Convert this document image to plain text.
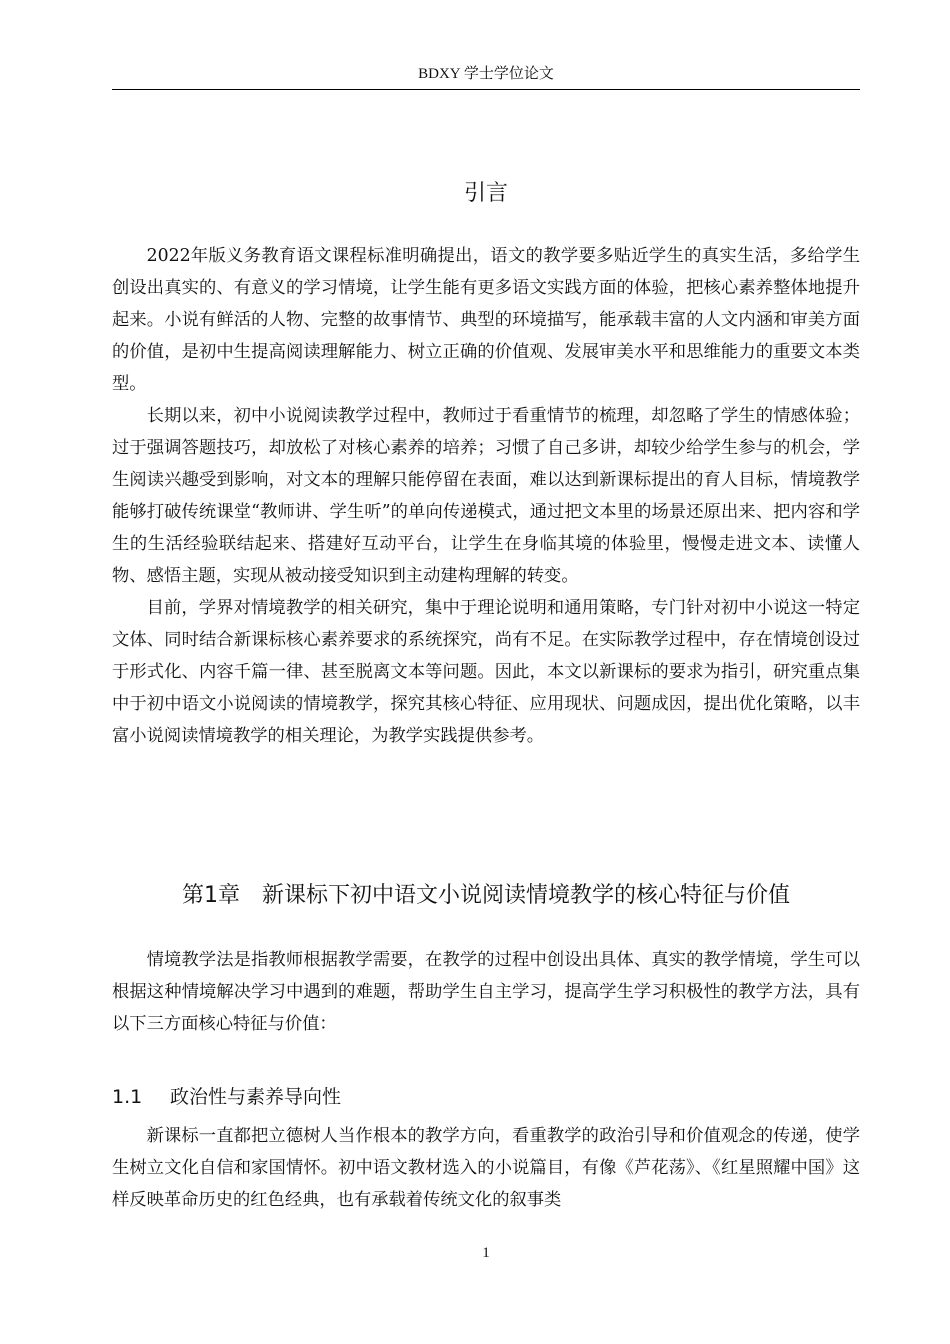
BDXY 学士学位论文
引言

2022年版义务教育语文课程标准明确提出，语文的教学要多贴近学生的真实生活，多给学生创设出真实的、有意义的学习情境，让学生能有更多语文实践方面的体验，把核心素养整体地提升起来。小说有鲜活的人物、完整的故事情节、典型的环境描写，能承载丰富的人文内涵和审美方面的价值，是初中生提高阅读理解能力、树立正确的价值观、发展审美水平和思维能力的重要文本类型。

长期以来，初中小说阅读教学过程中，教师过于看重情节的梳理，却忽略了学生的情感体验；过于强调答题技巧，却放松了对核心素养的培养；习惯了自己多讲，却较少给学生参与的机会，学生阅读兴趣受到影响，对文本的理解只能停留在表面，难以达到新课标提出的育人目标，情境教学能够打破传统课堂“教师讲、学生听”的单向传递模式，通过把文本里的场景还原出来、把内容和学生的生活经验联结起来、搭建好互动平台，让学生在身临其境的体验里，慢慢走进文本、读懂人物、感悟主题，实现从被动接受知识到主动建构理解的转变。

目前，学界对情境教学的相关研究，集中于理论说明和通用策略，专门针对初中小说这一特定文体、同时结合新课标核心素养要求的系统探究，尚有不足。在实际教学过程中，存在情境创设过于形式化、内容千篇一律、甚至脱离文本等问题。因此，本文以新课标的要求为指引，研究重点集中于初中语文小说阅读的情境教学，探究其核心特征、应用现状、问题成因，提出优化策略，以丰富小说阅读情境教学的相关理论，为教学实践提供参考。

第1章 新课标下初中语文小说阅读情境教学的核心特征与价值

情境教学法是指教师根据教学需要，在教学的过程中创设出具体、真实的教学情境，学生可以根据这种情境解决学习中遇到的难题，帮助学生自主学习，提高学生学习积极性的教学方法，具有以下三方面核心特征与价值：

1.1 政治性与素养导向性

新课标一直都把立德树人当作根本的教学方向，看重教学的政治引导和价值观念的传递，使学生树立文化自信和家国情怀。初中语文教材选入的小说篇目，有像《芦花荡》、《红星照耀中国》这样反映革命历史的红色经典，也有承载着传统文化的叙事类

1
